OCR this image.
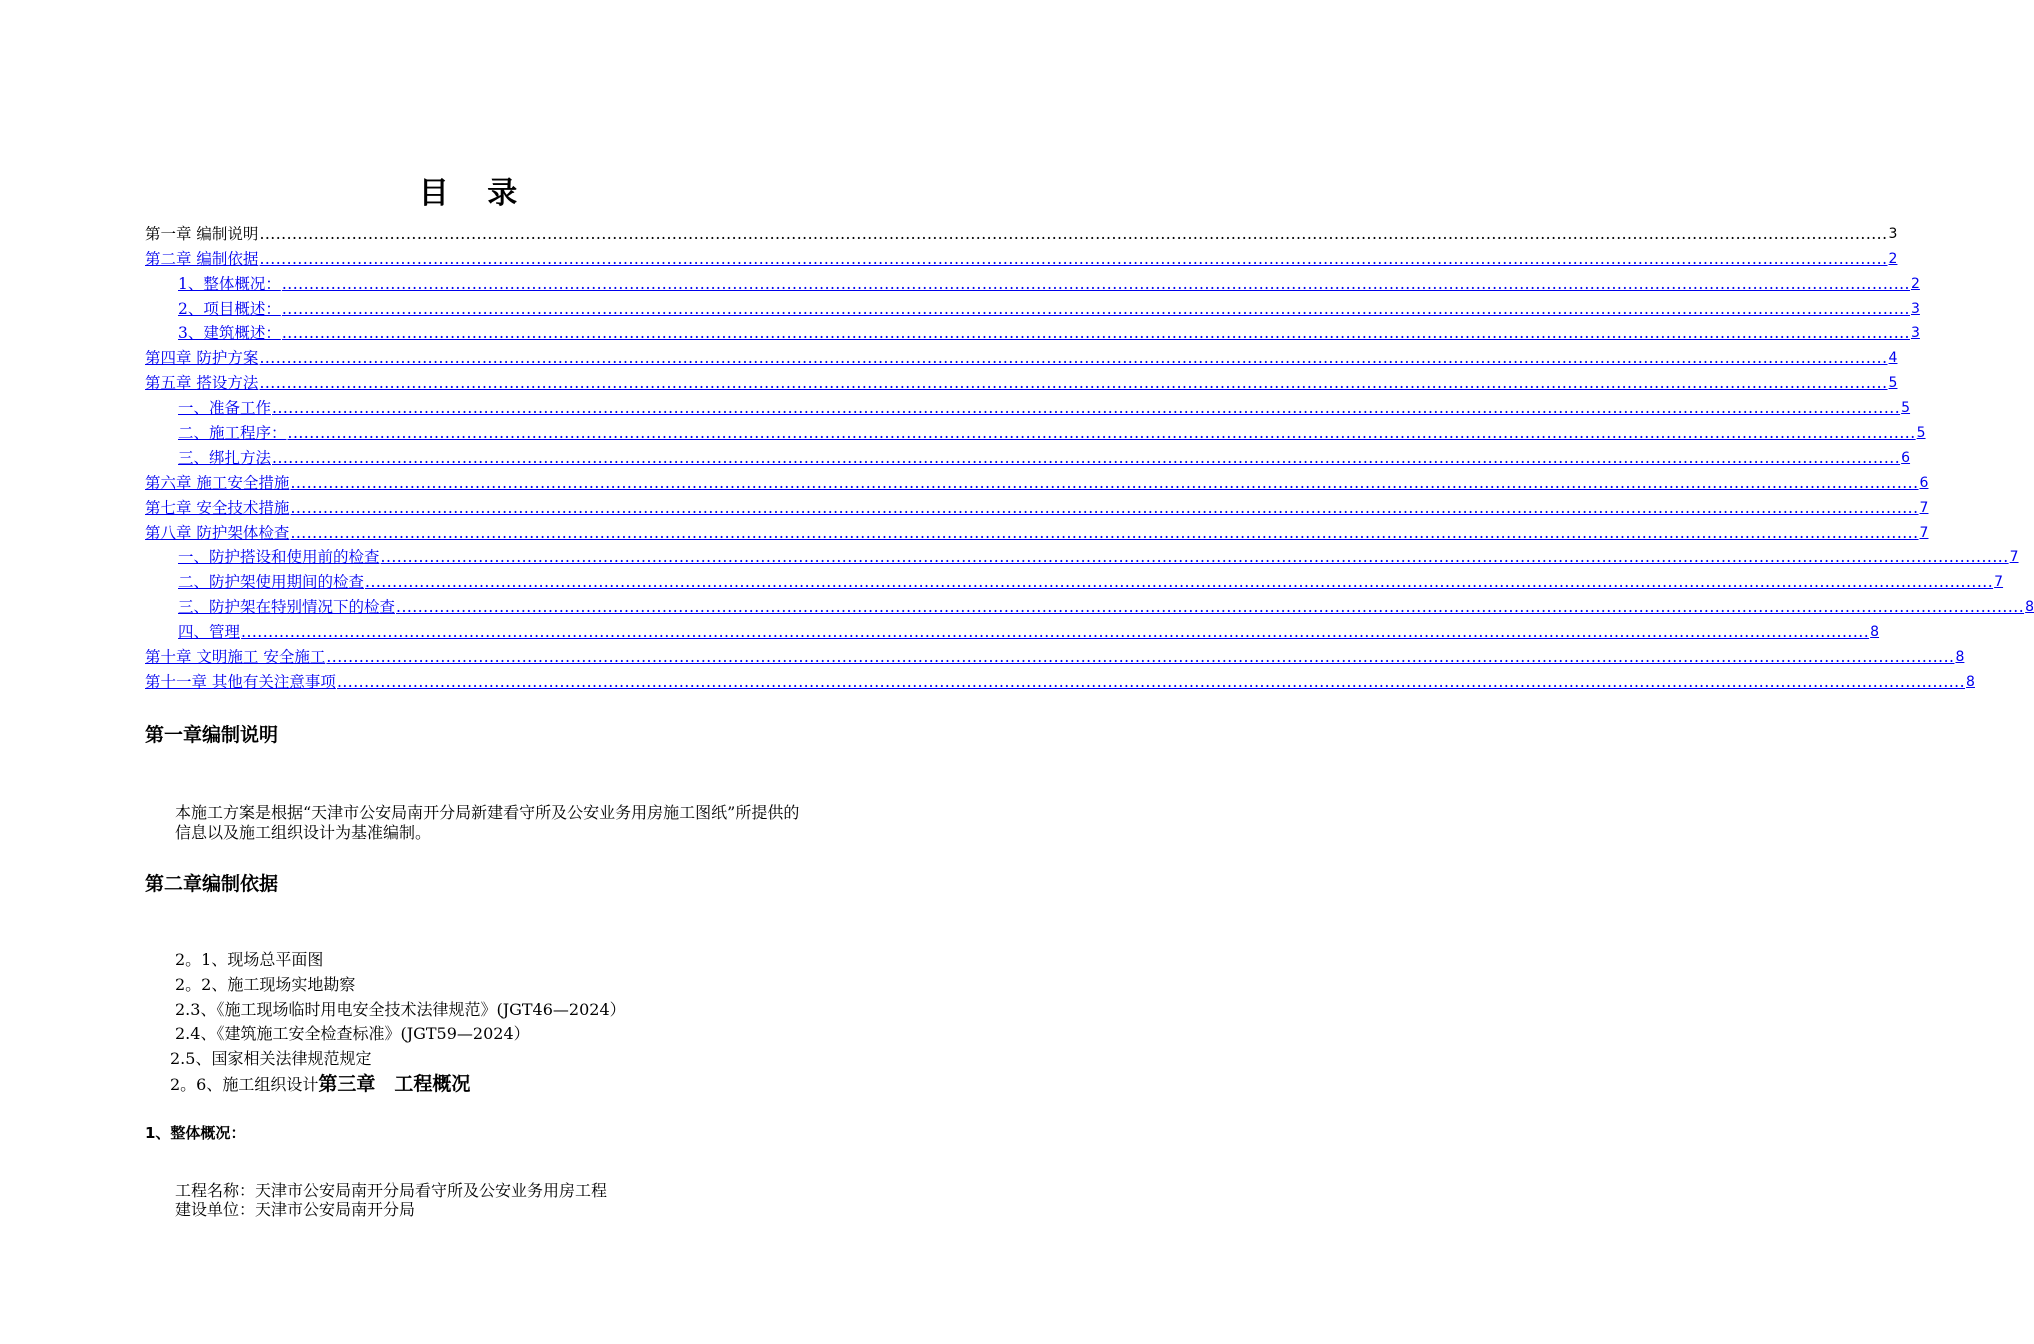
目 录
第一章 编制说明 ............................................................................................................................................................................................................................................................................................................ 3
第二章 编制依据 ............................................................................................................................................................................................................................................................................................................ 2
1、整体概况： ............................................................................................................................................................................................................................................................................................................ 2
2、项目概述： ............................................................................................................................................................................................................................................................................................................ 3
3、建筑概述： ............................................................................................................................................................................................................................................................................................................ 3
第四章 防护方案 ............................................................................................................................................................................................................................................................................................................ 4
第五章 搭设方法 ............................................................................................................................................................................................................................................................................................................ 5
一、准备工作 ............................................................................................................................................................................................................................................................................................................ 5
二、施工程序： ............................................................................................................................................................................................................................................................................................................ 5
三、绑扎方法 ............................................................................................................................................................................................................................................................................................................ 6
第六章 施工安全措施 ............................................................................................................................................................................................................................................................................................................ 6
第七章 安全技术措施 ............................................................................................................................................................................................................................................................................................................ 7
第八章 防护架体检查 ............................................................................................................................................................................................................................................................................................................ 7
一、防护搭设和使用前的检查 ............................................................................................................................................................................................................................................................................................................ 7
二、防护架使用期间的检查 ............................................................................................................................................................................................................................................................................................................ 7
三、防护架在特别情况下的检查 ............................................................................................................................................................................................................................................................................................................ 8
四、管理 ............................................................................................................................................................................................................................................................................................................ 8
第十章 文明施工 安全施工 ............................................................................................................................................................................................................................................................................................................ 8
第十一章 其他有关注意事项 ............................................................................................................................................................................................................................................................................................................ 8
第一章编制说明
本施工方案是根据“天津市公安局南开分局新建看守所及公安业务用房施工图纸”所提供的信息以及施工组织设计为基准编制。
第二章编制依据
2。1、现场总平面图
2。2、施工现场实地勘察
2.3、《施工现场临时用电安全技术法律规范》(JGT46—2024）
2.4、《建筑施工安全检查标准》(JGT59—2024）
2.5、国家相关法律规范规定
2。6、施工组织设计第三章　工程概况
1、整体概况：
工程名称：天津市公安局南开分局看守所及公安业务用房工程
建设单位：天津市公安局南开分局
